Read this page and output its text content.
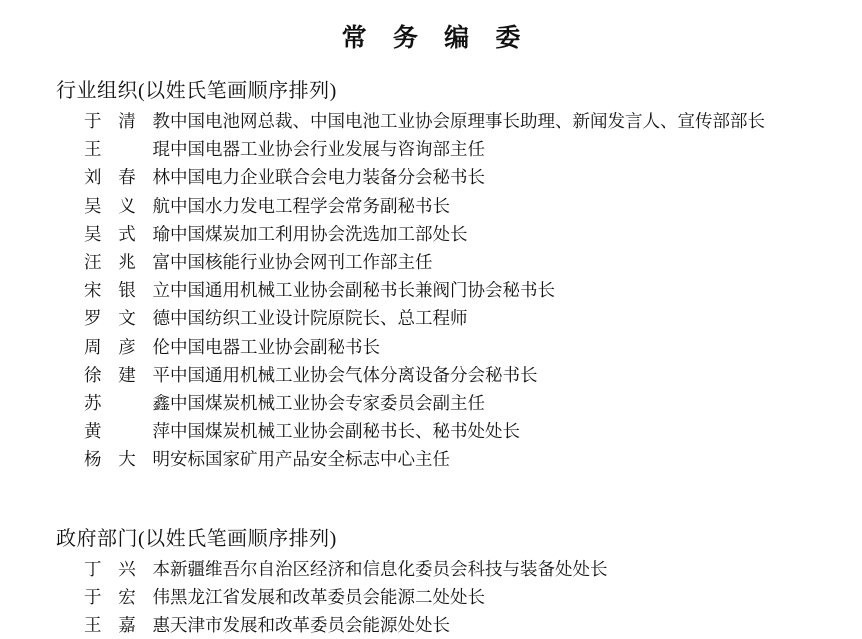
常 务 编 委
行业组织(以姓氏笔画顺序排列)
于清教 中国电池网总裁、中国电池工业协会原理事长助理、新闻发言人、宣传部部长
王　琨 中国电器工业协会行业发展与咨询部主任
刘春林 中国电力企业联合会电力装备分会秘书长
吴义航 中国水力发电工程学会常务副秘书长
吴式瑜 中国煤炭加工利用协会洗选加工部处长
汪兆富 中国核能行业协会网刊工作部主任
宋银立 中国通用机械工业协会副秘书长兼阀门协会秘书长
罗文德 中国纺织工业设计院原院长、总工程师
周彦伦 中国电器工业协会副秘书长
徐建平 中国通用机械工业协会气体分离设备分会秘书长
苏　鑫 中国煤炭机械工业协会专家委员会副主任
黄　萍 中国煤炭机械工业协会副秘书长、秘书处处长
杨大明 安标国家矿用产品安全标志中心主任
政府部门(以姓氏笔画顺序排列)
丁兴本 新疆维吾尔自治区经济和信息化委员会科技与装备处处长
于宏伟 黑龙江省发展和改革委员会能源二处处长
王嘉惠 天津市发展和改革委员会能源处处长
